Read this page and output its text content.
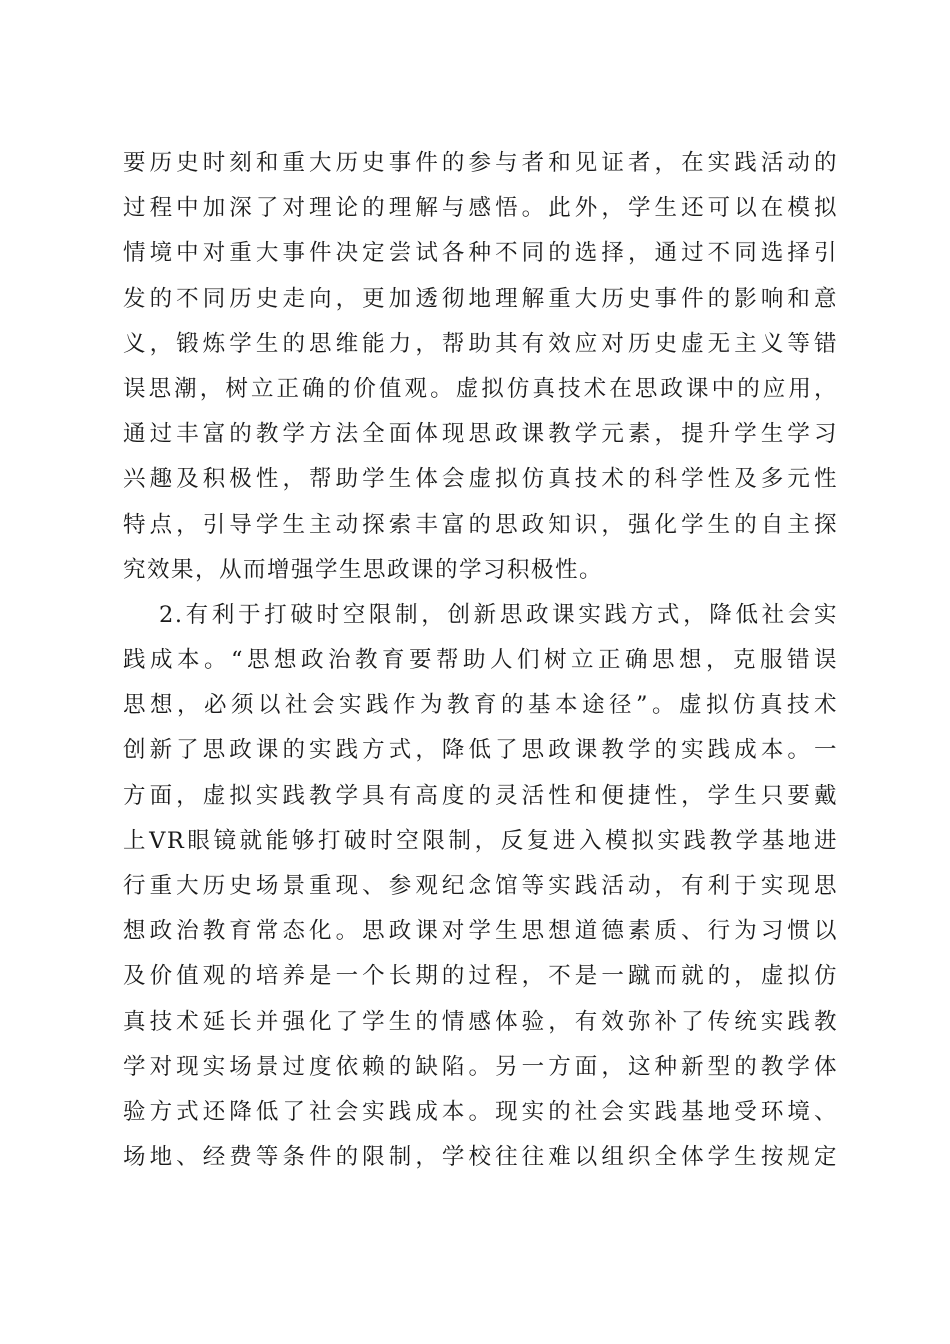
要历史时刻和重大历史事件的参与者和见证者，在实践活动的
过程中加深了对理论的理解与感悟。此外，学生还可以在模拟
情境中对重大事件决定尝试各种不同的选择，通过不同选择引
发的不同历史走向，更加透彻地理解重大历史事件的影响和意
义，锻炼学生的思维能力，帮助其有效应对历史虚无主义等错
误思潮，树立正确的价值观。虚拟仿真技术在思政课中的应用，
通过丰富的教学方法全面体现思政课教学元素，提升学生学习
兴趣及积极性，帮助学生体会虚拟仿真技术的科学性及多元性
特点，引导学生主动探索丰富的思政知识，强化学生的自主探
究效果，从而增强学生思政课的学习积极性。
2.有利于打破时空限制，创新思政课实践方式，降低社会实
践成本。“思想政治教育要帮助人们树立正确思想，克服错误
思想，必须以社会实践作为教育的基本途径”。虚拟仿真技术
创新了思政课的实践方式，降低了思政课教学的实践成本。一
方面，虚拟实践教学具有高度的灵活性和便捷性，学生只要戴
上VR眼镜就能够打破时空限制，反复进入模拟实践教学基地进
行重大历史场景重现、参观纪念馆等实践活动，有利于实现思
想政治教育常态化。思政课对学生思想道德素质、行为习惯以
及价值观的培养是一个长期的过程，不是一蹴而就的，虚拟仿
真技术延长并强化了学生的情感体验，有效弥补了传统实践教
学对现实场景过度依赖的缺陷。另一方面，这种新型的教学体
验方式还降低了社会实践成本。现实的社会实践基地受环境、
场地、经费等条件的限制，学校往往难以组织全体学生按规定
